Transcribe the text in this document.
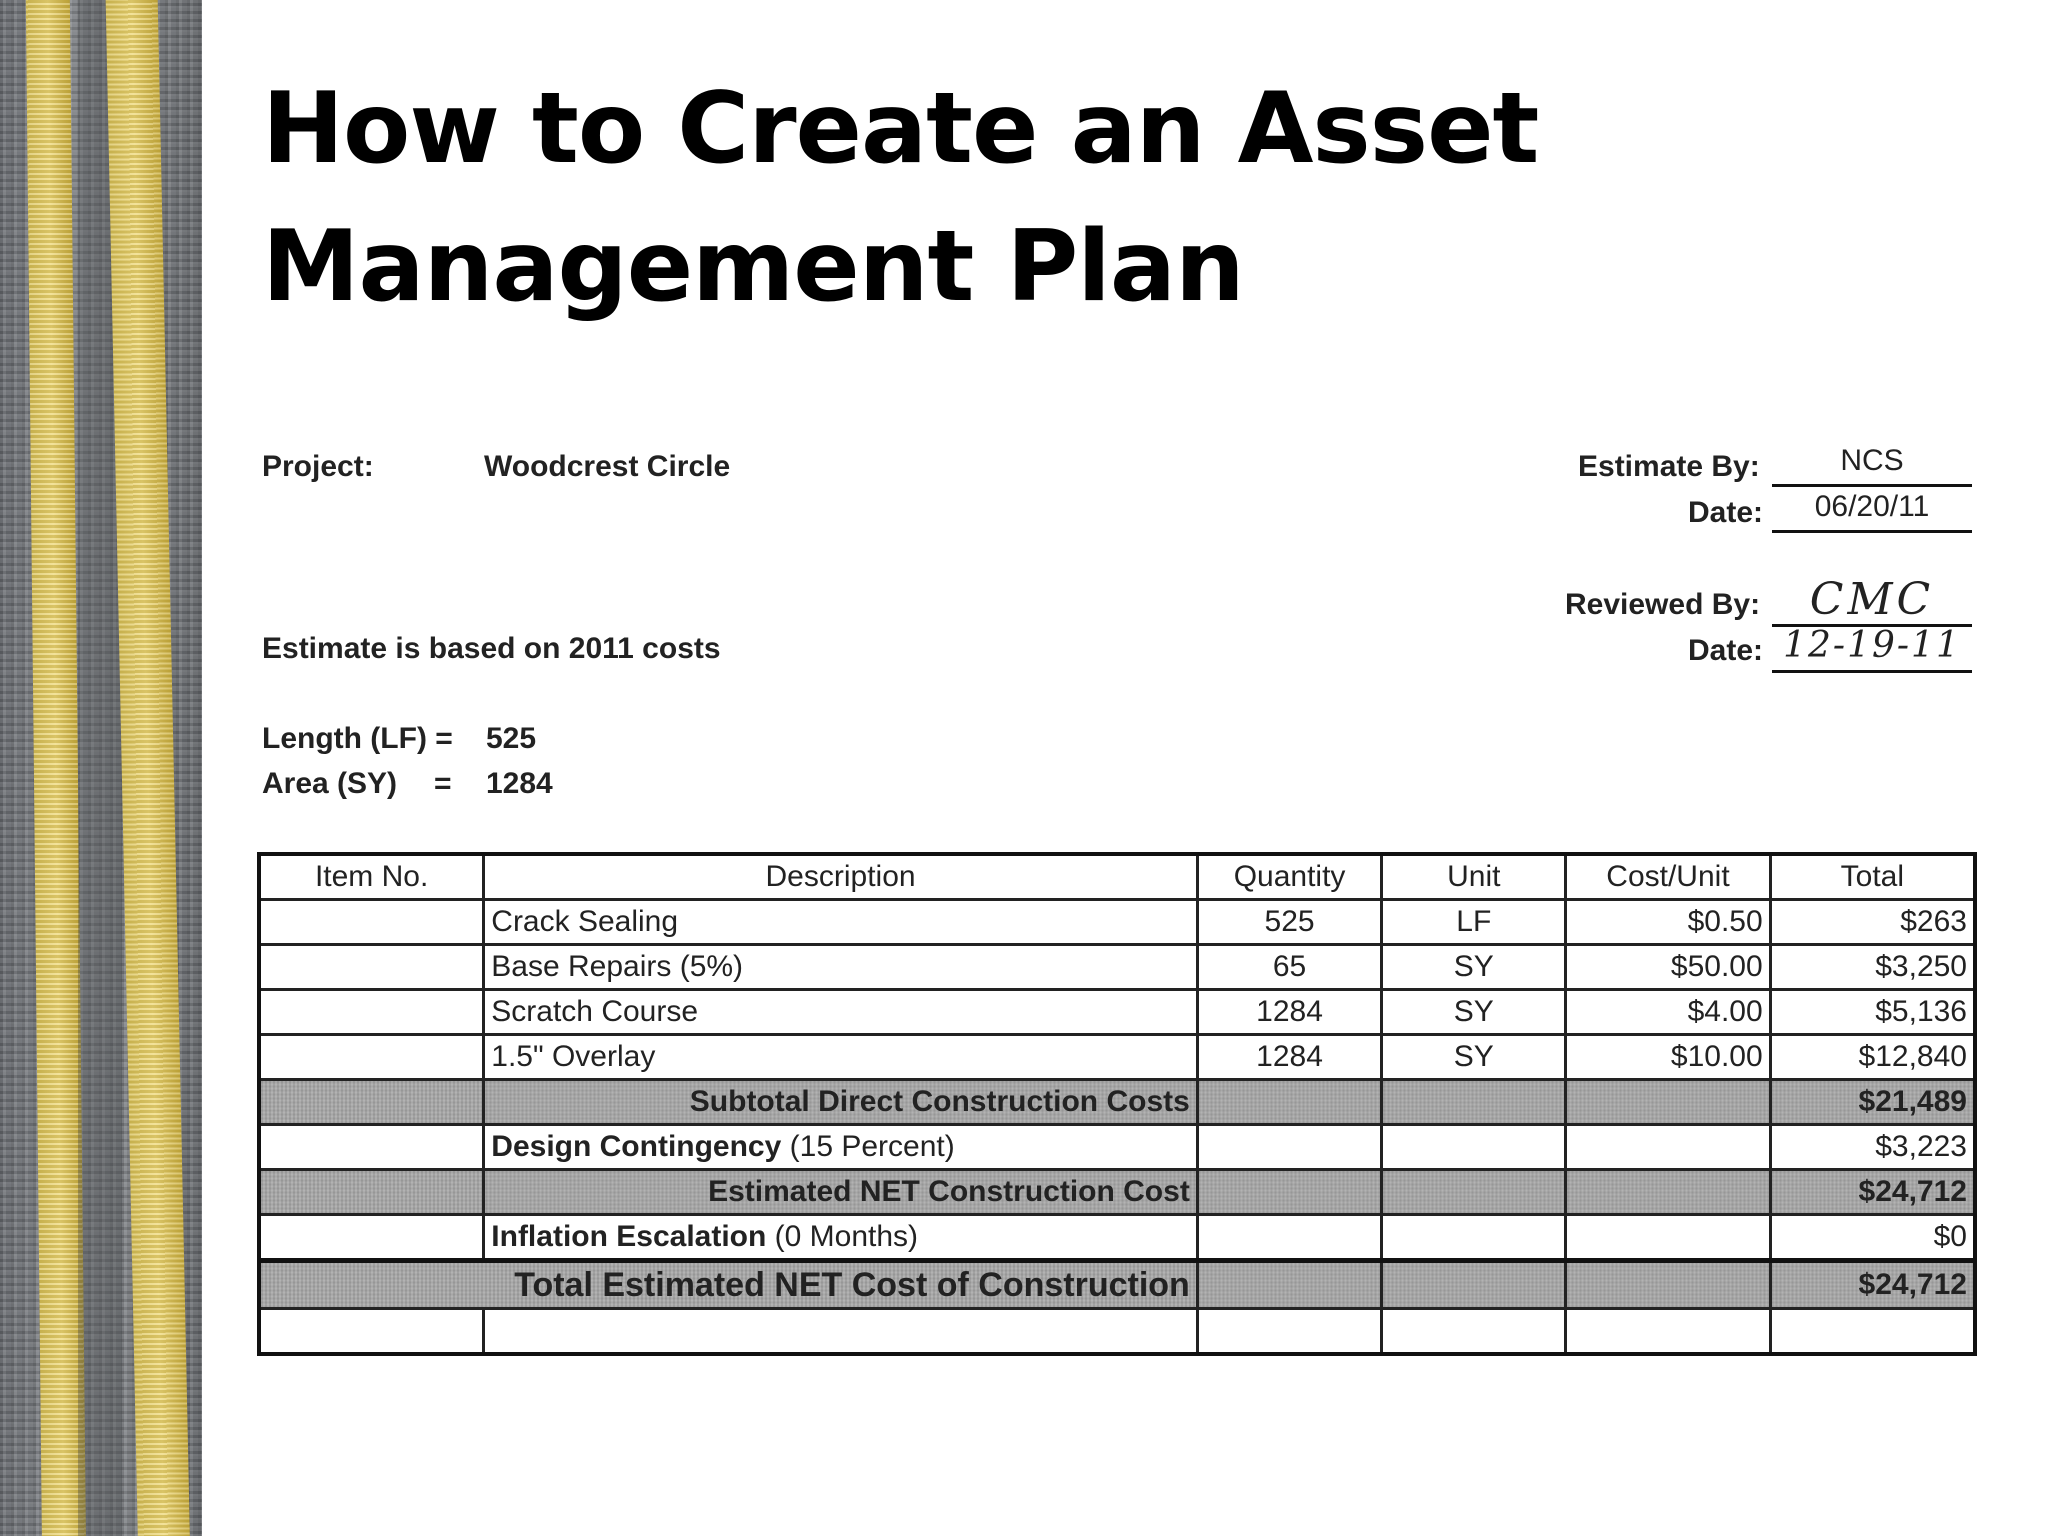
How to Create an Asset
Management Plan
Project:	Woodcrest Circle	Estimate By:	NCS
Date:	06/20/11
Reviewed By:	CMC
Date: 12-19-11
Estimate is based on 2011 costs
Length (LF) = 525
Area (SY) = 1284
Item No.	Description	Quantity	Unit	Cost/Unit	Total
	Crack Sealing	525	LF	$0.50	$263
	Base Repairs (5%)	65	SY	$50.00	$3,250
	Scratch Course	1284	SY	$4.00	$5,136
	1.5" Overlay	1284	SY	$10.00	$12,840
	Subtotal Direct Construction Costs				$21,489
	Design Contingency (15 Percent)				$3,223
	Estimated NET Construction Cost				$24,712
	Inflation Escalation (0 Months)				$0
Total Estimated NET Cost of Construction					$24,712
